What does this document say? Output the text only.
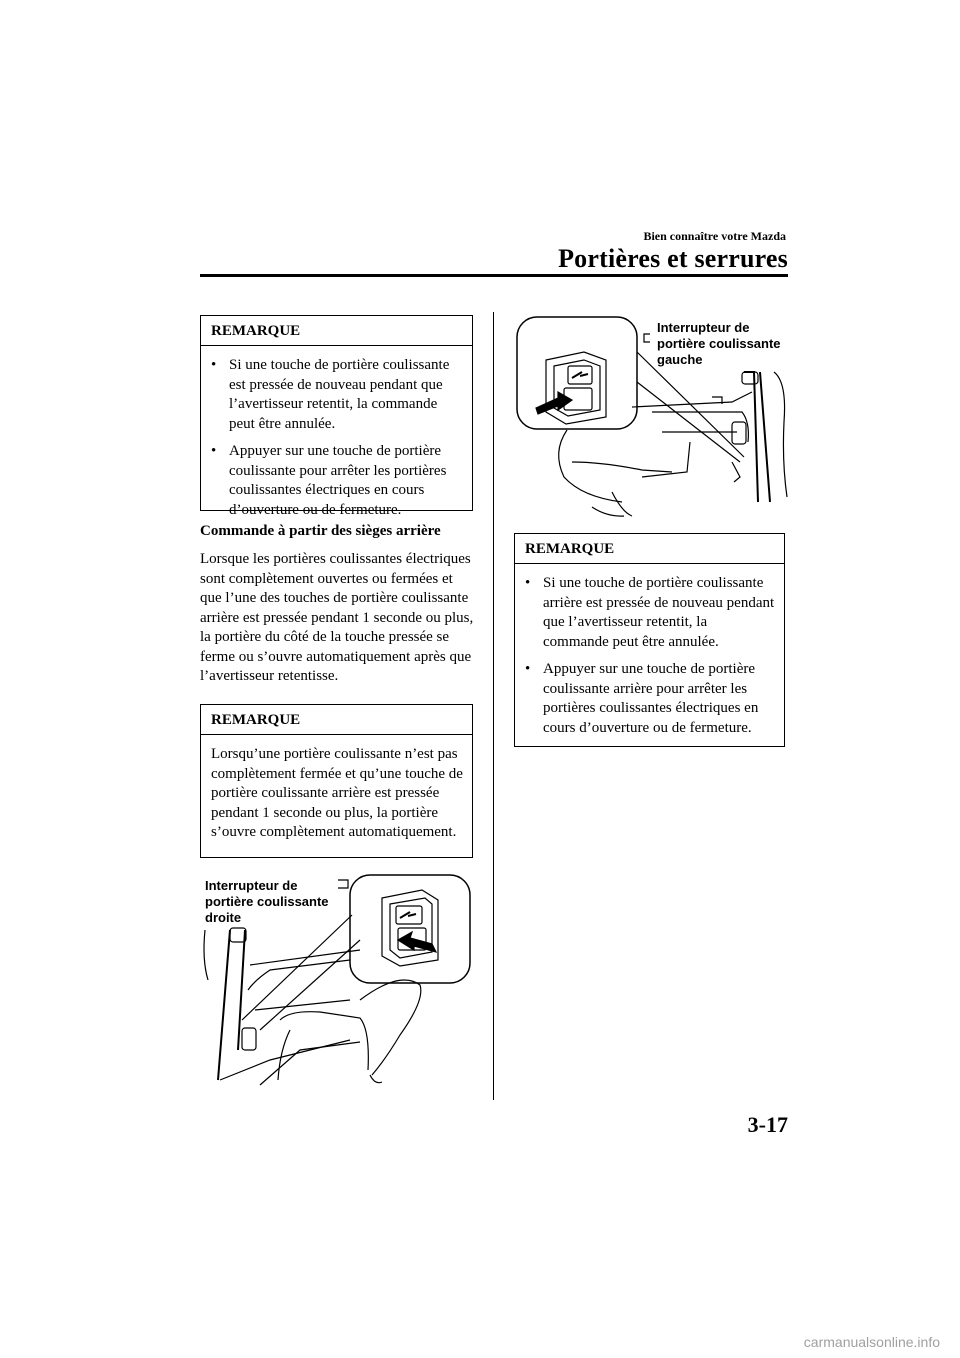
Bien connaître votre Mazda
Portières et serrures
REMARQUE
• Si une touche de portière coulissante est pressée de nouveau pendant que l’avertisseur retentit, la commande peut être annulée.
• Appuyer sur une touche de portière coulissante pour arrêter les portières coulissantes électriques en cours d’ouverture ou de fermeture.
Commande à partir des sièges arrière
Lorsque les portières coulissantes électriques sont complètement ouvertes ou fermées et que l’une des touches de portière coulissante arrière est pressée pendant 1 seconde ou plus, la portière du côté de la touche pressée se ferme ou s’ouvre automatiquement après que l’avertisseur retentisse.
REMARQUE
Lorsqu’une portière coulissante n’est pas complètement fermée et qu’une touche de portière coulissante arrière est pressée pendant 1 seconde ou plus, la portière s’ouvre complètement automatiquement.
Interrupteur de portière coulissante droite
Interrupteur de portière coulissante gauche
REMARQUE
• Si une touche de portière coulissante arrière est pressée de nouveau pendant que l’avertisseur retentit, la commande peut être annulée.
• Appuyer sur une touche de portière coulissante arrière pour arrêter les portières coulissantes électriques en cours d’ouverture ou de fermeture.
3-17
carmanualsonline.info
